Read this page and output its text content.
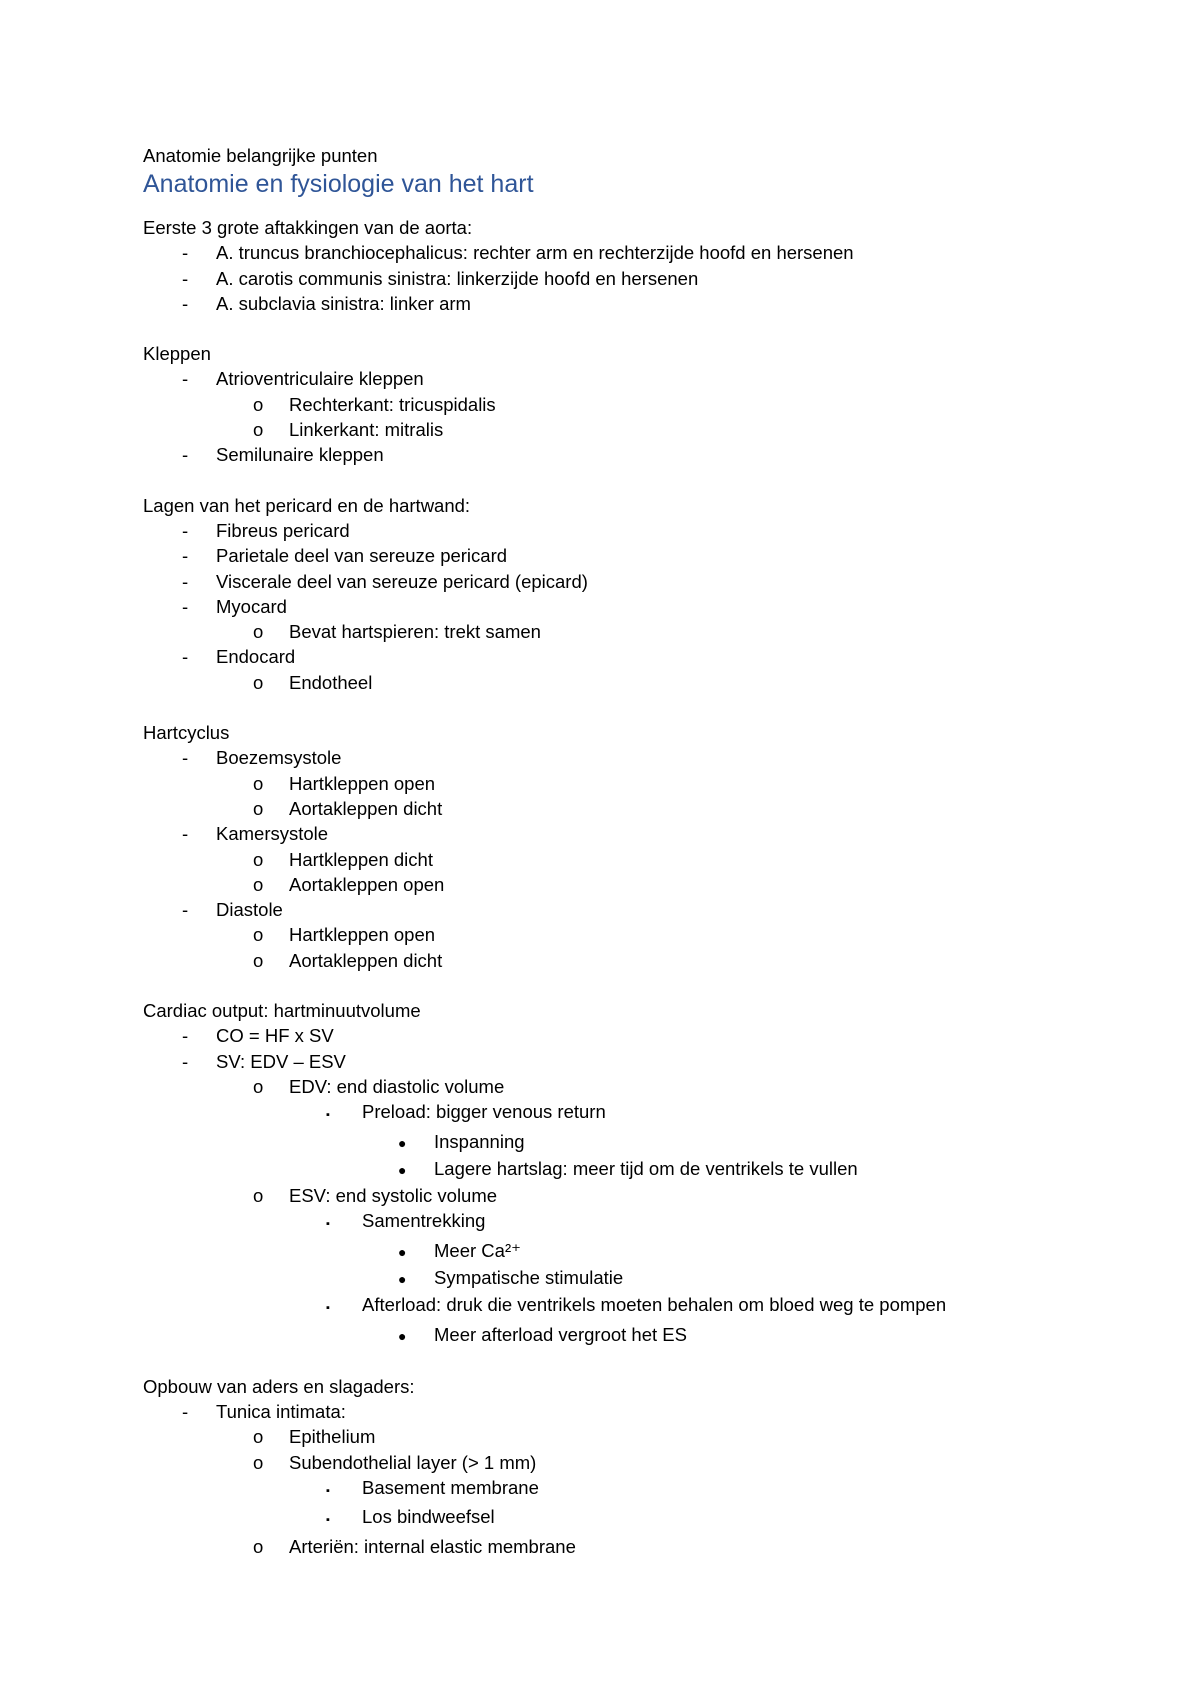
Anatomie belangrijke punten

Anatomie en fysiologie van het hart

Eerste 3 grote aftakkingen van de aorta:

-	A. truncus branchiocephalicus: rechter arm en rechterzijde hoofd en hersenen
-	A. carotis communis sinistra: linkerzijde hoofd en hersenen
-	A. subclavia sinistra: linker arm

Kleppen

-	Atrioventriculaire kleppen
o	Rechterkant: tricuspidalis
o	Linkerkant: mitralis
-	Semilunaire kleppen

Lagen van het pericard en de hartwand:

-	Fibreus pericard
-	Parietale deel van sereuze pericard
-	Viscerale deel van sereuze pericard (epicard)
-	Myocard
o	Bevat hartspieren: trekt samen
-	Endocard
o	Endotheel

Hartcyclus

-	Boezemsystole
o	Hartkleppen open
o	Aortakleppen dicht
-	Kamersystole
o	Hartkleppen dicht
o	Aortakleppen open
-	Diastole
o	Hartkleppen open
o	Aortakleppen dicht

Cardiac output: hartminuutvolume

-	CO = HF x SV
-	SV: EDV – ESV
o	EDV: end diastolic volume
▪	Preload: bigger venous return
●	Inspanning
●	Lagere hartslag: meer tijd om de ventrikels te vullen
o	ESV: end systolic volume
▪	Samentrekking
●	Meer Ca²⁺
●	Sympatische stimulatie
▪	Afterload: druk die ventrikels moeten behalen om bloed weg te pompen
●	Meer afterload vergroot het ES

Opbouw van aders en slagaders:

-	Tunica intimata:
o	Epithelium
o	Subendothelial layer (> 1 mm)
▪	Basement membrane
▪	Los bindweefsel
o	Arteriën: internal elastic membrane
